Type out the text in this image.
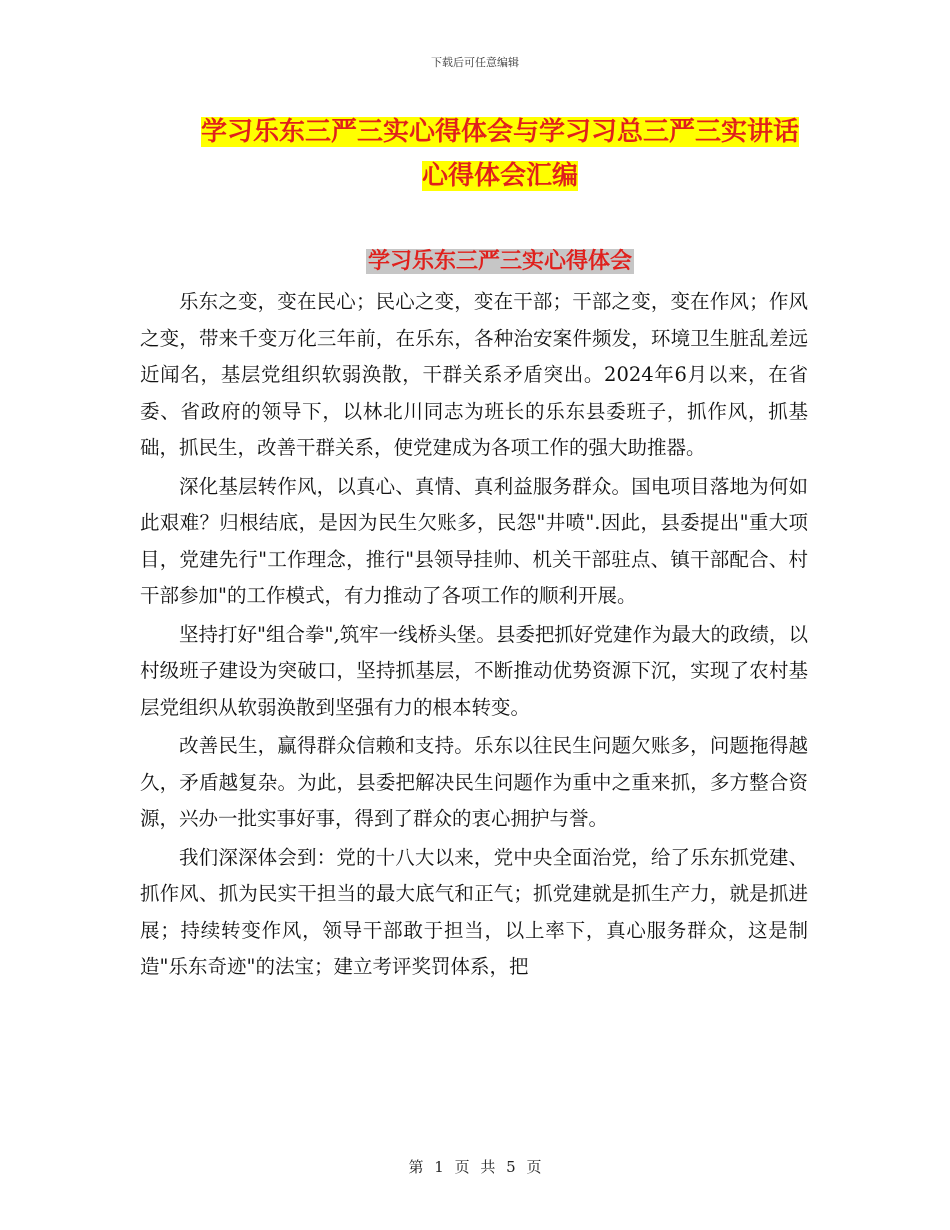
下载后可任意编辑
学习乐东三严三实心得体会与学习习总三严三实讲话
心得体会汇编
学习乐东三严三实心得体会

乐东之变，变在民心；民心之变，变在干部；干部之变，变在作风；作风之变，带来千变万化三年前，在乐东，各种治安案件频发，环境卫生脏乱差远近闻名，基层党组织软弱涣散，干群关系矛盾突出。2024年6月以来，在省委、省政府的领导下，以林北川同志为班长的乐东县委班子，抓作风，抓基础，抓民生，改善干群关系，使党建成为各项工作的强大助推器。

深化基层转作风，以真心、真情、真利益服务群众。国电项目落地为何如此艰难？归根结底，是因为民生欠账多，民怨"井喷".因此，县委提出"重大项目，党建先行"工作理念，推行"县领导挂帅、机关干部驻点、镇干部配合、村干部参加"的工作模式，有力推动了各项工作的顺利开展。

坚持打好"组合拳",筑牢一线桥头堡。县委把抓好党建作为最大的政绩，以村级班子建设为突破口，坚持抓基层，不断推动优势资源下沉，实现了农村基层党组织从软弱涣散到坚强有力的根本转变。

改善民生，赢得群众信赖和支持。乐东以往民生问题欠账多，问题拖得越久，矛盾越复杂。为此，县委把解决民生问题作为重中之重来抓，多方整合资源，兴办一批实事好事，得到了群众的衷心拥护与誉。

我们深深体会到：党的十八大以来，党中央全面治党，给了乐东抓党建、抓作风、抓为民实干担当的最大底气和正气；抓党建就是抓生产力，就是抓进展；持续转变作风，领导干部敢于担当，以上率下，真心服务群众，这是制造"乐东奇迹"的法宝；建立考评奖罚体系，把

第 1 页 共 5 页
